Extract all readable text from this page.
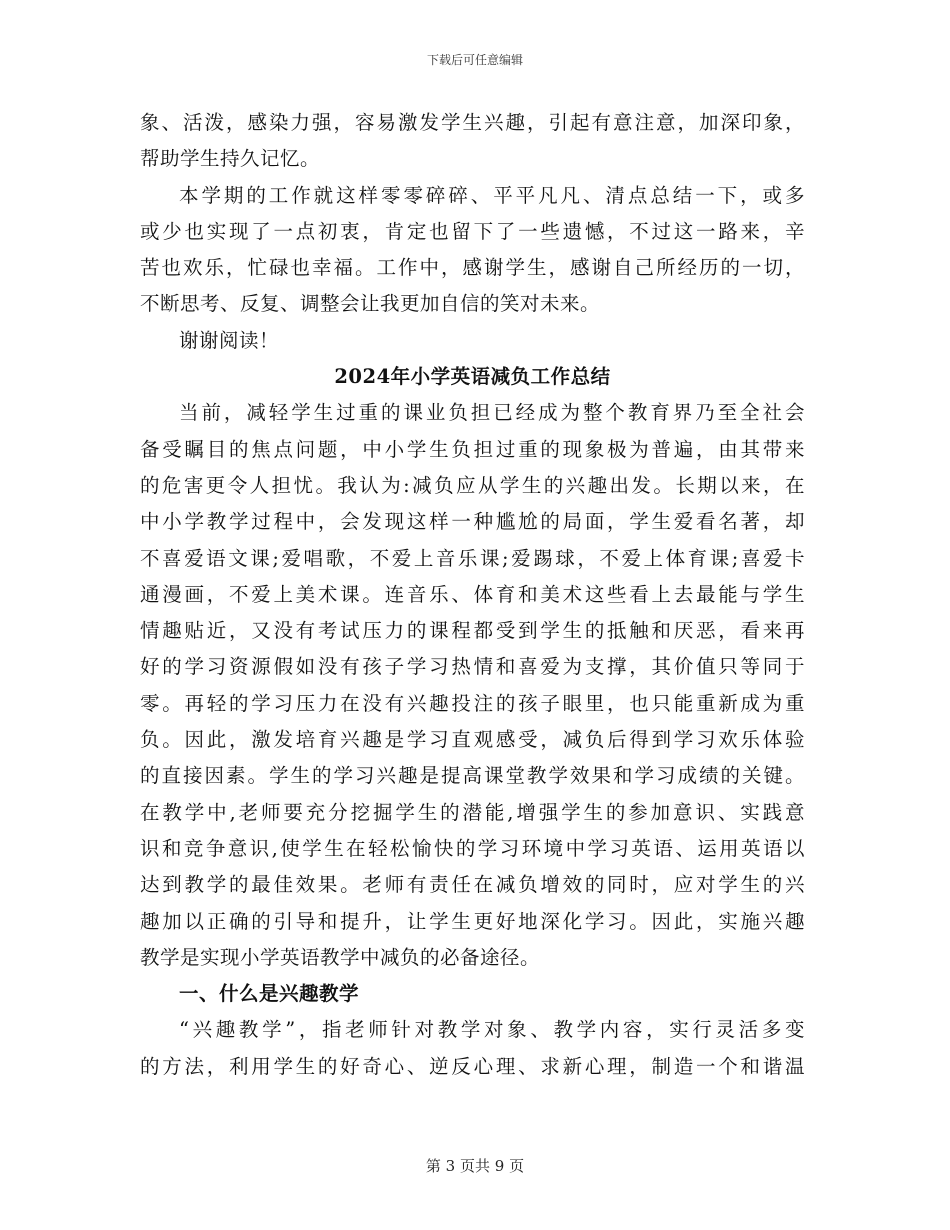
下载后可任意编辑
象、活泼，感染力强，容易激发学生兴趣，引起有意注意，加深印象，
帮助学生持久记忆。
本学期的工作就这样零零碎碎、平平凡凡、清点总结一下，或多
或少也实现了一点初衷，肯定也留下了一些遗憾，不过这一路来，辛
苦也欢乐，忙碌也幸福。工作中，感谢学生，感谢自己所经历的一切，
不断思考、反复、调整会让我更加自信的笑对未来。
谢谢阅读！
2024年小学英语减负工作总结
当前，减轻学生过重的课业负担已经成为整个教育界乃至全社会
备受瞩目的焦点问题，中小学生负担过重的现象极为普遍，由其带来
的危害更令人担忧。我认为:减负应从学生的兴趣出发。长期以来，在
中小学教学过程中，会发现这样一种尴尬的局面，学生爱看名著，却
不喜爱语文课;爱唱歌，不爱上音乐课;爱踢球，不爱上体育课;喜爱卡
通漫画，不爱上美术课。连音乐、体育和美术这些看上去最能与学生
情趣贴近，又没有考试压力的课程都受到学生的抵触和厌恶，看来再
好的学习资源假如没有孩子学习热情和喜爱为支撑，其价值只等同于
零。再轻的学习压力在没有兴趣投注的孩子眼里，也只能重新成为重
负。因此，激发培育兴趣是学习直观感受，减负后得到学习欢乐体验
的直接因素。学生的学习兴趣是提高课堂教学效果和学习成绩的关键。
在教学中,老师要充分挖掘学生的潜能,增强学生的参加意识、实践意
识和竞争意识,使学生在轻松愉快的学习环境中学习英语、运用英语以
达到教学的最佳效果。老师有责任在减负增效的同时，应对学生的兴
趣加以正确的引导和提升，让学生更好地深化学习。因此，实施兴趣
教学是实现小学英语教学中减负的必备途径。
一、什么是兴趣教学
“兴趣教学”，指老师针对教学对象、教学内容，实行灵活多变
的方法，利用学生的好奇心、逆反心理、求新心理，制造一个和谐温
第 3 页共 9 页
